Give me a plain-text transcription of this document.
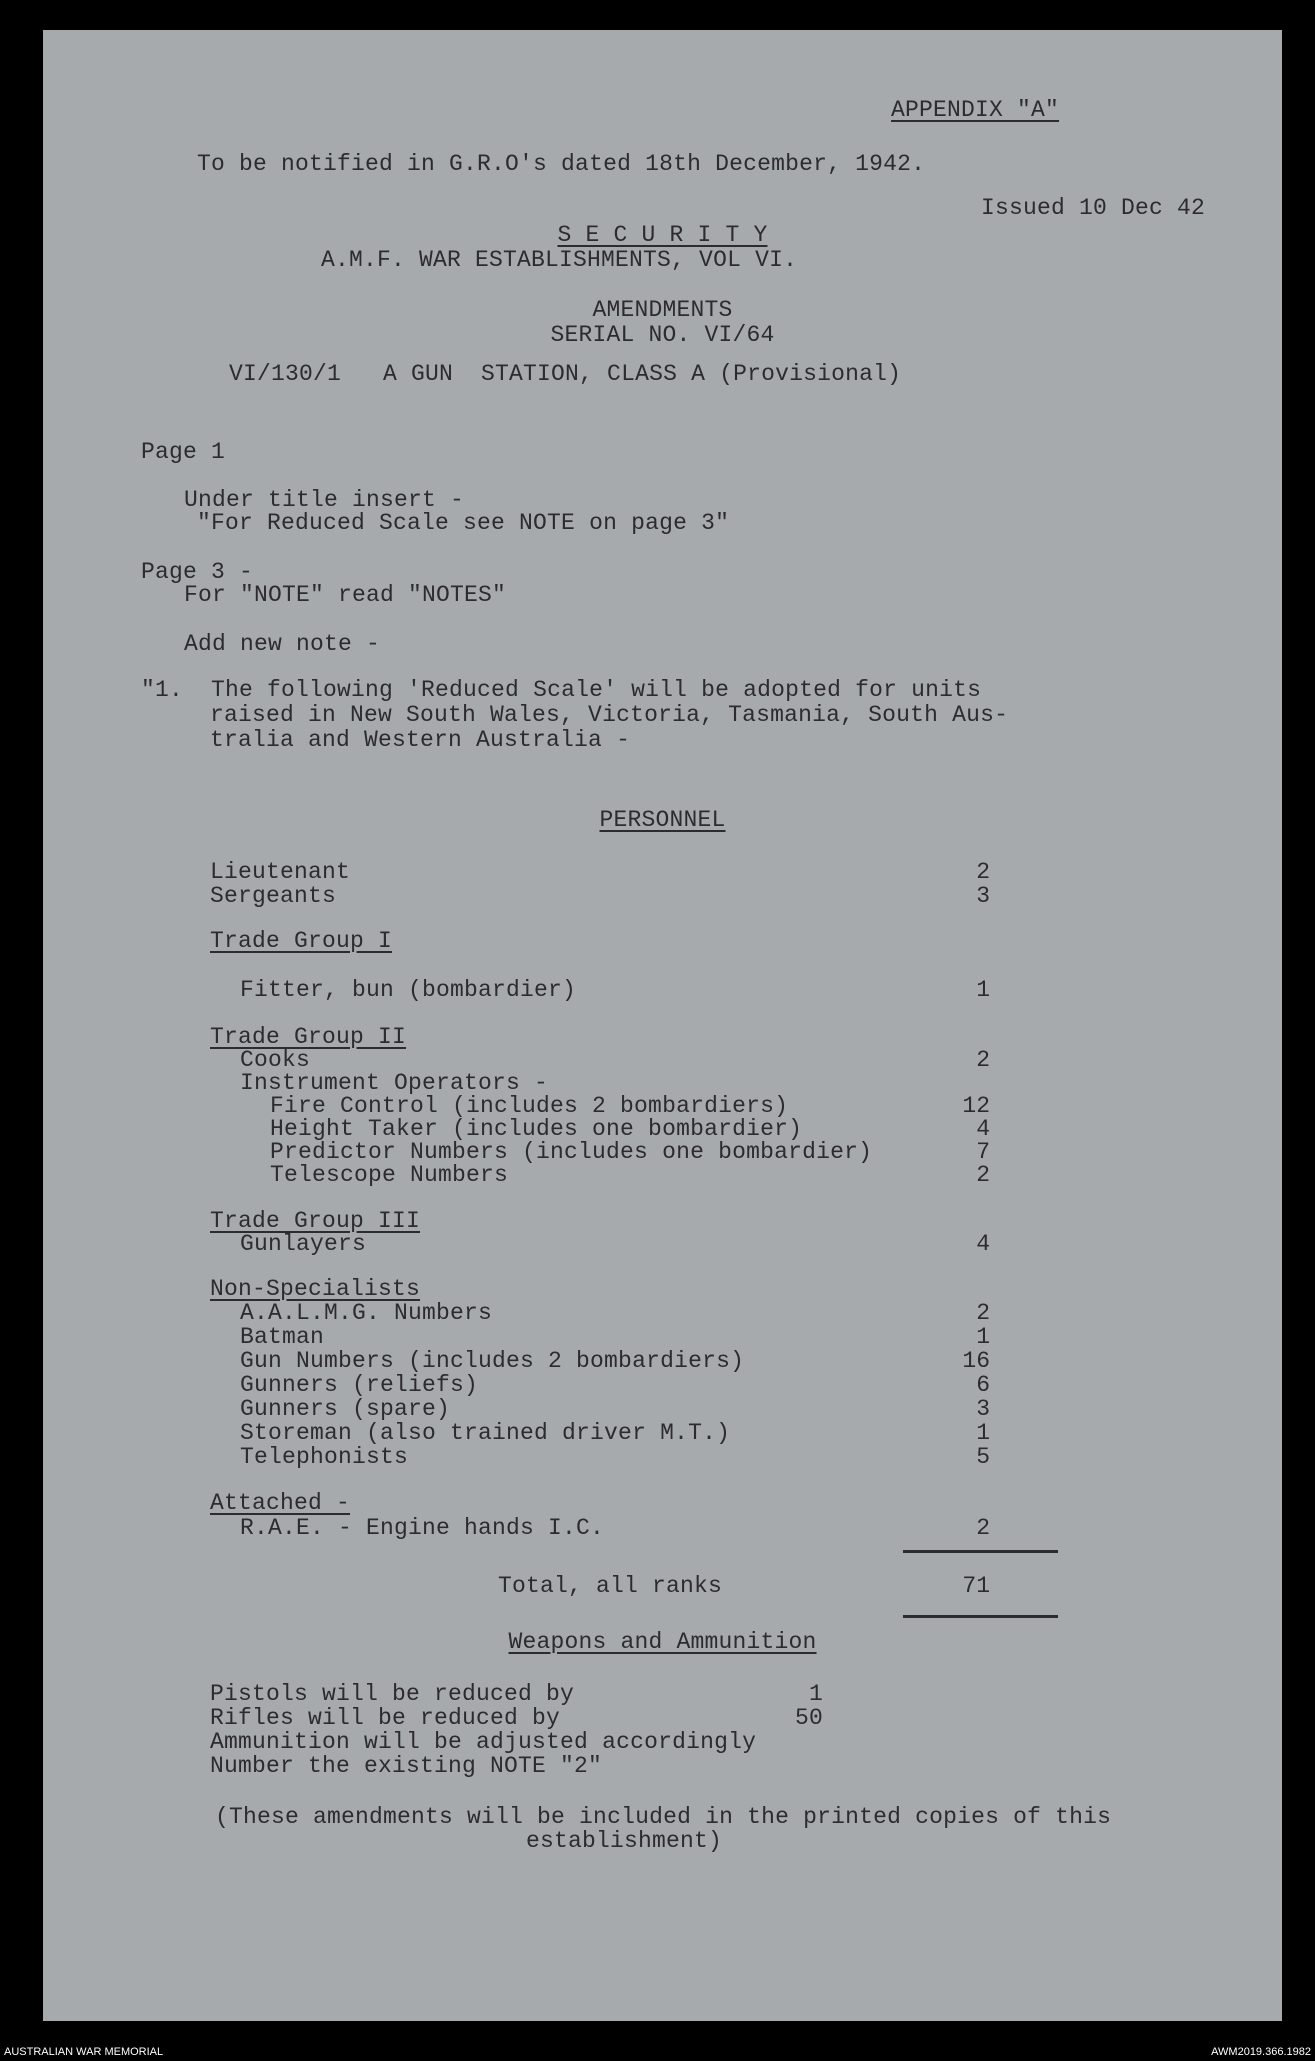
APPENDIX "A"
To be notified in G.R.O's dated 18th December, 1942.
Issued 10 Dec 42
S E C U R I T Y
A.M.F. WAR ESTABLISHMENTS, VOL VI.
AMENDMENTS
SERIAL NO. VI/64
VI/130/1   A GUN  STATION, CLASS A (Provisional)
Page 1
Under title insert -
"For Reduced Scale see NOTE on page 3"
Page 3 -
For "NOTE" read "NOTES"
Add new note -
"1.  The following 'Reduced Scale' will be adopted for units
raised in New South Wales, Victoria, Tasmania, South Aus-
tralia and Western Australia -
PERSONNEL
Lieutenant	2
Sergeants	3
Trade Group I
Fitter, bun (bombardier)	1
Trade Group II
Cooks	2
Instrument Operators -
Fire Control (includes 2 bombardiers)	12
Height Taker (includes one bombardier)	4
Predictor Numbers (includes one bombardier)	7
Telescope Numbers	2
Trade Group III
Gunlayers	4
Non-Specialists
A.A.L.M.G. Numbers	2
Batman	1
Gun Numbers (includes 2 bombardiers)	16
Gunners (reliefs)	6
Gunners (spare)	3
Storeman (also trained driver M.T.)	1
Telephonists	5
Attached -
R.A.E. - Engine hands I.C.	2
Total, all ranks	71
Weapons and Ammunition
Pistols will be reduced by	1
Rifles will be reduced by	50
Ammunition will be adjusted accordingly
Number the existing NOTE "2"
(These amendments will be included in the printed copies of this
establishment)
AUSTRALIAN WAR MEMORIAL	AWM2019.366.1982
